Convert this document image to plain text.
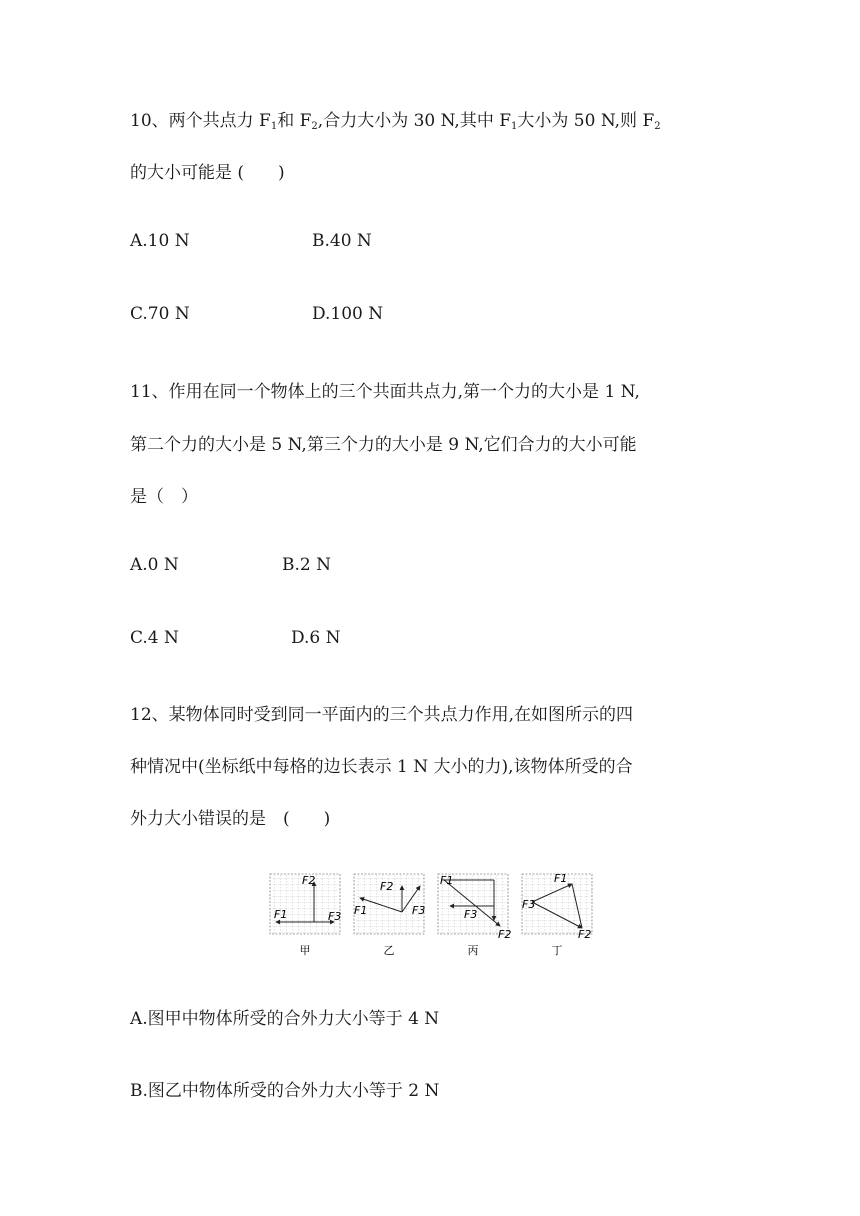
10、两个共点力 $F_1$和 $F_2$,合力大小为 30 N,其中 $F_1$大小为 50 N,则 $F_2$
的大小可能是 (　　)
A.10 N	B.40 N
C.70 N	D.100 N
11、作用在同一个物体上的三个共面共点力,第一个力的大小是 1 N,
第二个力的大小是 5 N,第三个力的大小是 9 N,它们合力的大小可能
是（　）
A.0 N	B.2 N
C.4 N	D.6 N
12、某物体同时受到同一平面内的三个共点力作用,在如图所示的四
种情况中(坐标纸中每格的边长表示 1 N 大小的力),该物体所受的合
外力大小错误的是　(　　)
F2
F1	F3
甲
F2
F1	F3
乙
F1
F3
F2
丙
F1
F3
F2
丁
A.图甲中物体所受的合外力大小等于 4 N
B.图乙中物体所受的合外力大小等于 2 N
